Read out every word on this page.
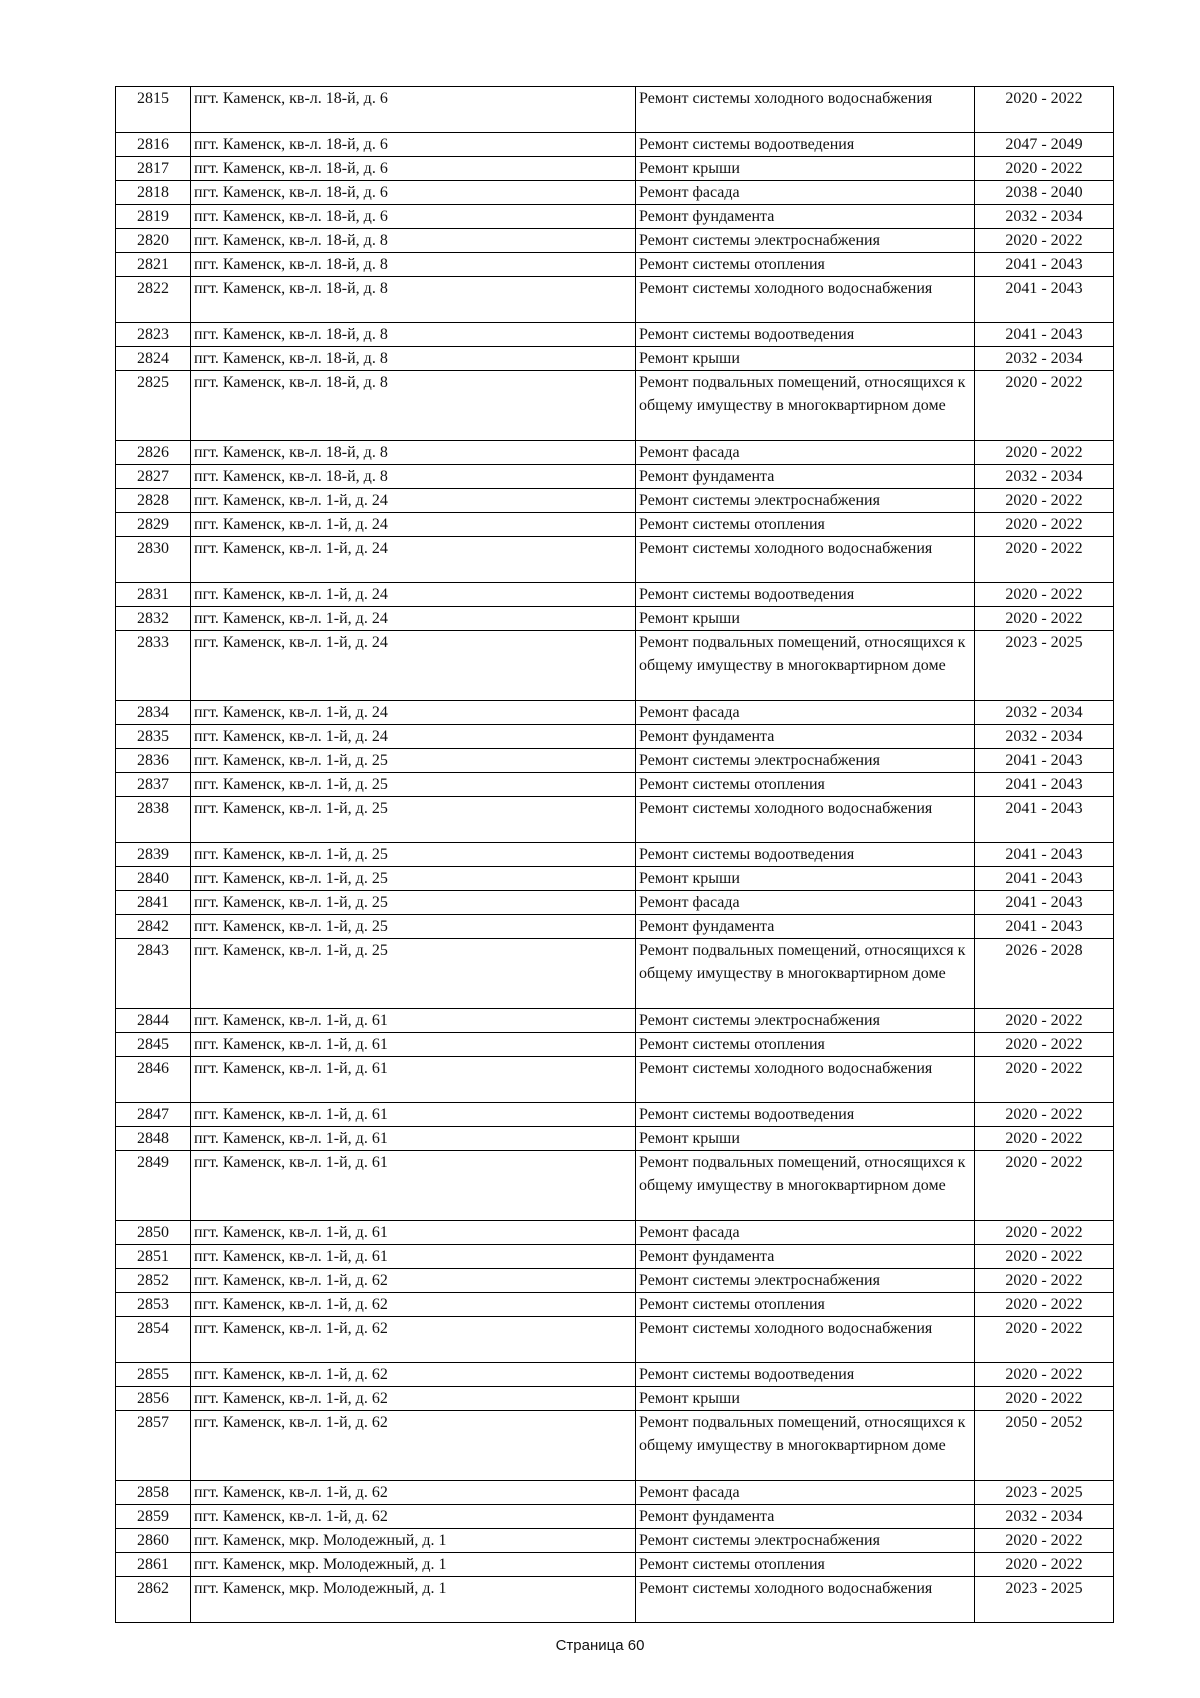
2815	пгт. Каменск, кв-л. 18-й, д. 6	Ремонт системы холодного водоснабжения	2020 - 2022
2816	пгт. Каменск, кв-л. 18-й, д. 6	Ремонт системы водоотведения	2047 - 2049
2817	пгт. Каменск, кв-л. 18-й, д. 6	Ремонт крыши	2020 - 2022
2818	пгт. Каменск, кв-л. 18-й, д. 6	Ремонт фасада	2038 - 2040
2819	пгт. Каменск, кв-л. 18-й, д. 6	Ремонт фундамента	2032 - 2034
2820	пгт. Каменск, кв-л. 18-й, д. 8	Ремонт системы электроснабжения	2020 - 2022
2821	пгт. Каменск, кв-л. 18-й, д. 8	Ремонт системы отопления	2041 - 2043
2822	пгт. Каменск, кв-л. 18-й, д. 8	Ремонт системы холодного водоснабжения	2041 - 2043
2823	пгт. Каменск, кв-л. 18-й, д. 8	Ремонт системы водоотведения	2041 - 2043
2824	пгт. Каменск, кв-л. 18-й, д. 8	Ремонт крыши	2032 - 2034
2825	пгт. Каменск, кв-л. 18-й, д. 8	Ремонт подвальных помещений, относящихся к общему имуществу в многоквартирном доме	2020 - 2022
2826	пгт. Каменск, кв-л. 18-й, д. 8	Ремонт фасада	2020 - 2022
2827	пгт. Каменск, кв-л. 18-й, д. 8	Ремонт фундамента	2032 - 2034
2828	пгт. Каменск, кв-л. 1-й, д. 24	Ремонт системы электроснабжения	2020 - 2022
2829	пгт. Каменск, кв-л. 1-й, д. 24	Ремонт системы отопления	2020 - 2022
2830	пгт. Каменск, кв-л. 1-й, д. 24	Ремонт системы холодного водоснабжения	2020 - 2022
2831	пгт. Каменск, кв-л. 1-й, д. 24	Ремонт системы водоотведения	2020 - 2022
2832	пгт. Каменск, кв-л. 1-й, д. 24	Ремонт крыши	2020 - 2022
2833	пгт. Каменск, кв-л. 1-й, д. 24	Ремонт подвальных помещений, относящихся к общему имуществу в многоквартирном доме	2023 - 2025
2834	пгт. Каменск, кв-л. 1-й, д. 24	Ремонт фасада	2032 - 2034
2835	пгт. Каменск, кв-л. 1-й, д. 24	Ремонт фундамента	2032 - 2034
2836	пгт. Каменск, кв-л. 1-й, д. 25	Ремонт системы электроснабжения	2041 - 2043
2837	пгт. Каменск, кв-л. 1-й, д. 25	Ремонт системы отопления	2041 - 2043
2838	пгт. Каменск, кв-л. 1-й, д. 25	Ремонт системы холодного водоснабжения	2041 - 2043
2839	пгт. Каменск, кв-л. 1-й, д. 25	Ремонт системы водоотведения	2041 - 2043
2840	пгт. Каменск, кв-л. 1-й, д. 25	Ремонт крыши	2041 - 2043
2841	пгт. Каменск, кв-л. 1-й, д. 25	Ремонт фасада	2041 - 2043
2842	пгт. Каменск, кв-л. 1-й, д. 25	Ремонт фундамента	2041 - 2043
2843	пгт. Каменск, кв-л. 1-й, д. 25	Ремонт подвальных помещений, относящихся к общему имуществу в многоквартирном доме	2026 - 2028
2844	пгт. Каменск, кв-л. 1-й, д. 61	Ремонт системы электроснабжения	2020 - 2022
2845	пгт. Каменск, кв-л. 1-й, д. 61	Ремонт системы отопления	2020 - 2022
2846	пгт. Каменск, кв-л. 1-й, д. 61	Ремонт системы холодного водоснабжения	2020 - 2022
2847	пгт. Каменск, кв-л. 1-й, д. 61	Ремонт системы водоотведения	2020 - 2022
2848	пгт. Каменск, кв-л. 1-й, д. 61	Ремонт крыши	2020 - 2022
2849	пгт. Каменск, кв-л. 1-й, д. 61	Ремонт подвальных помещений, относящихся к общему имуществу в многоквартирном доме	2020 - 2022
2850	пгт. Каменск, кв-л. 1-й, д. 61	Ремонт фасада	2020 - 2022
2851	пгт. Каменск, кв-л. 1-й, д. 61	Ремонт фундамента	2020 - 2022
2852	пгт. Каменск, кв-л. 1-й, д. 62	Ремонт системы электроснабжения	2020 - 2022
2853	пгт. Каменск, кв-л. 1-й, д. 62	Ремонт системы отопления	2020 - 2022
2854	пгт. Каменск, кв-л. 1-й, д. 62	Ремонт системы холодного водоснабжения	2020 - 2022
2855	пгт. Каменск, кв-л. 1-й, д. 62	Ремонт системы водоотведения	2020 - 2022
2856	пгт. Каменск, кв-л. 1-й, д. 62	Ремонт крыши	2020 - 2022
2857	пгт. Каменск, кв-л. 1-й, д. 62	Ремонт подвальных помещений, относящихся к общему имуществу в многоквартирном доме	2050 - 2052
2858	пгт. Каменск, кв-л. 1-й, д. 62	Ремонт фасада	2023 - 2025
2859	пгт. Каменск, кв-л. 1-й, д. 62	Ремонт фундамента	2032 - 2034
2860	пгт. Каменск, мкр. Молодежный, д. 1	Ремонт системы электроснабжения	2020 - 2022
2861	пгт. Каменск, мкр. Молодежный, д. 1	Ремонт системы отопления	2020 - 2022
2862	пгт. Каменск, мкр. Молодежный, д. 1	Ремонт системы холодного водоснабжения	2023 - 2025
Страница 60
